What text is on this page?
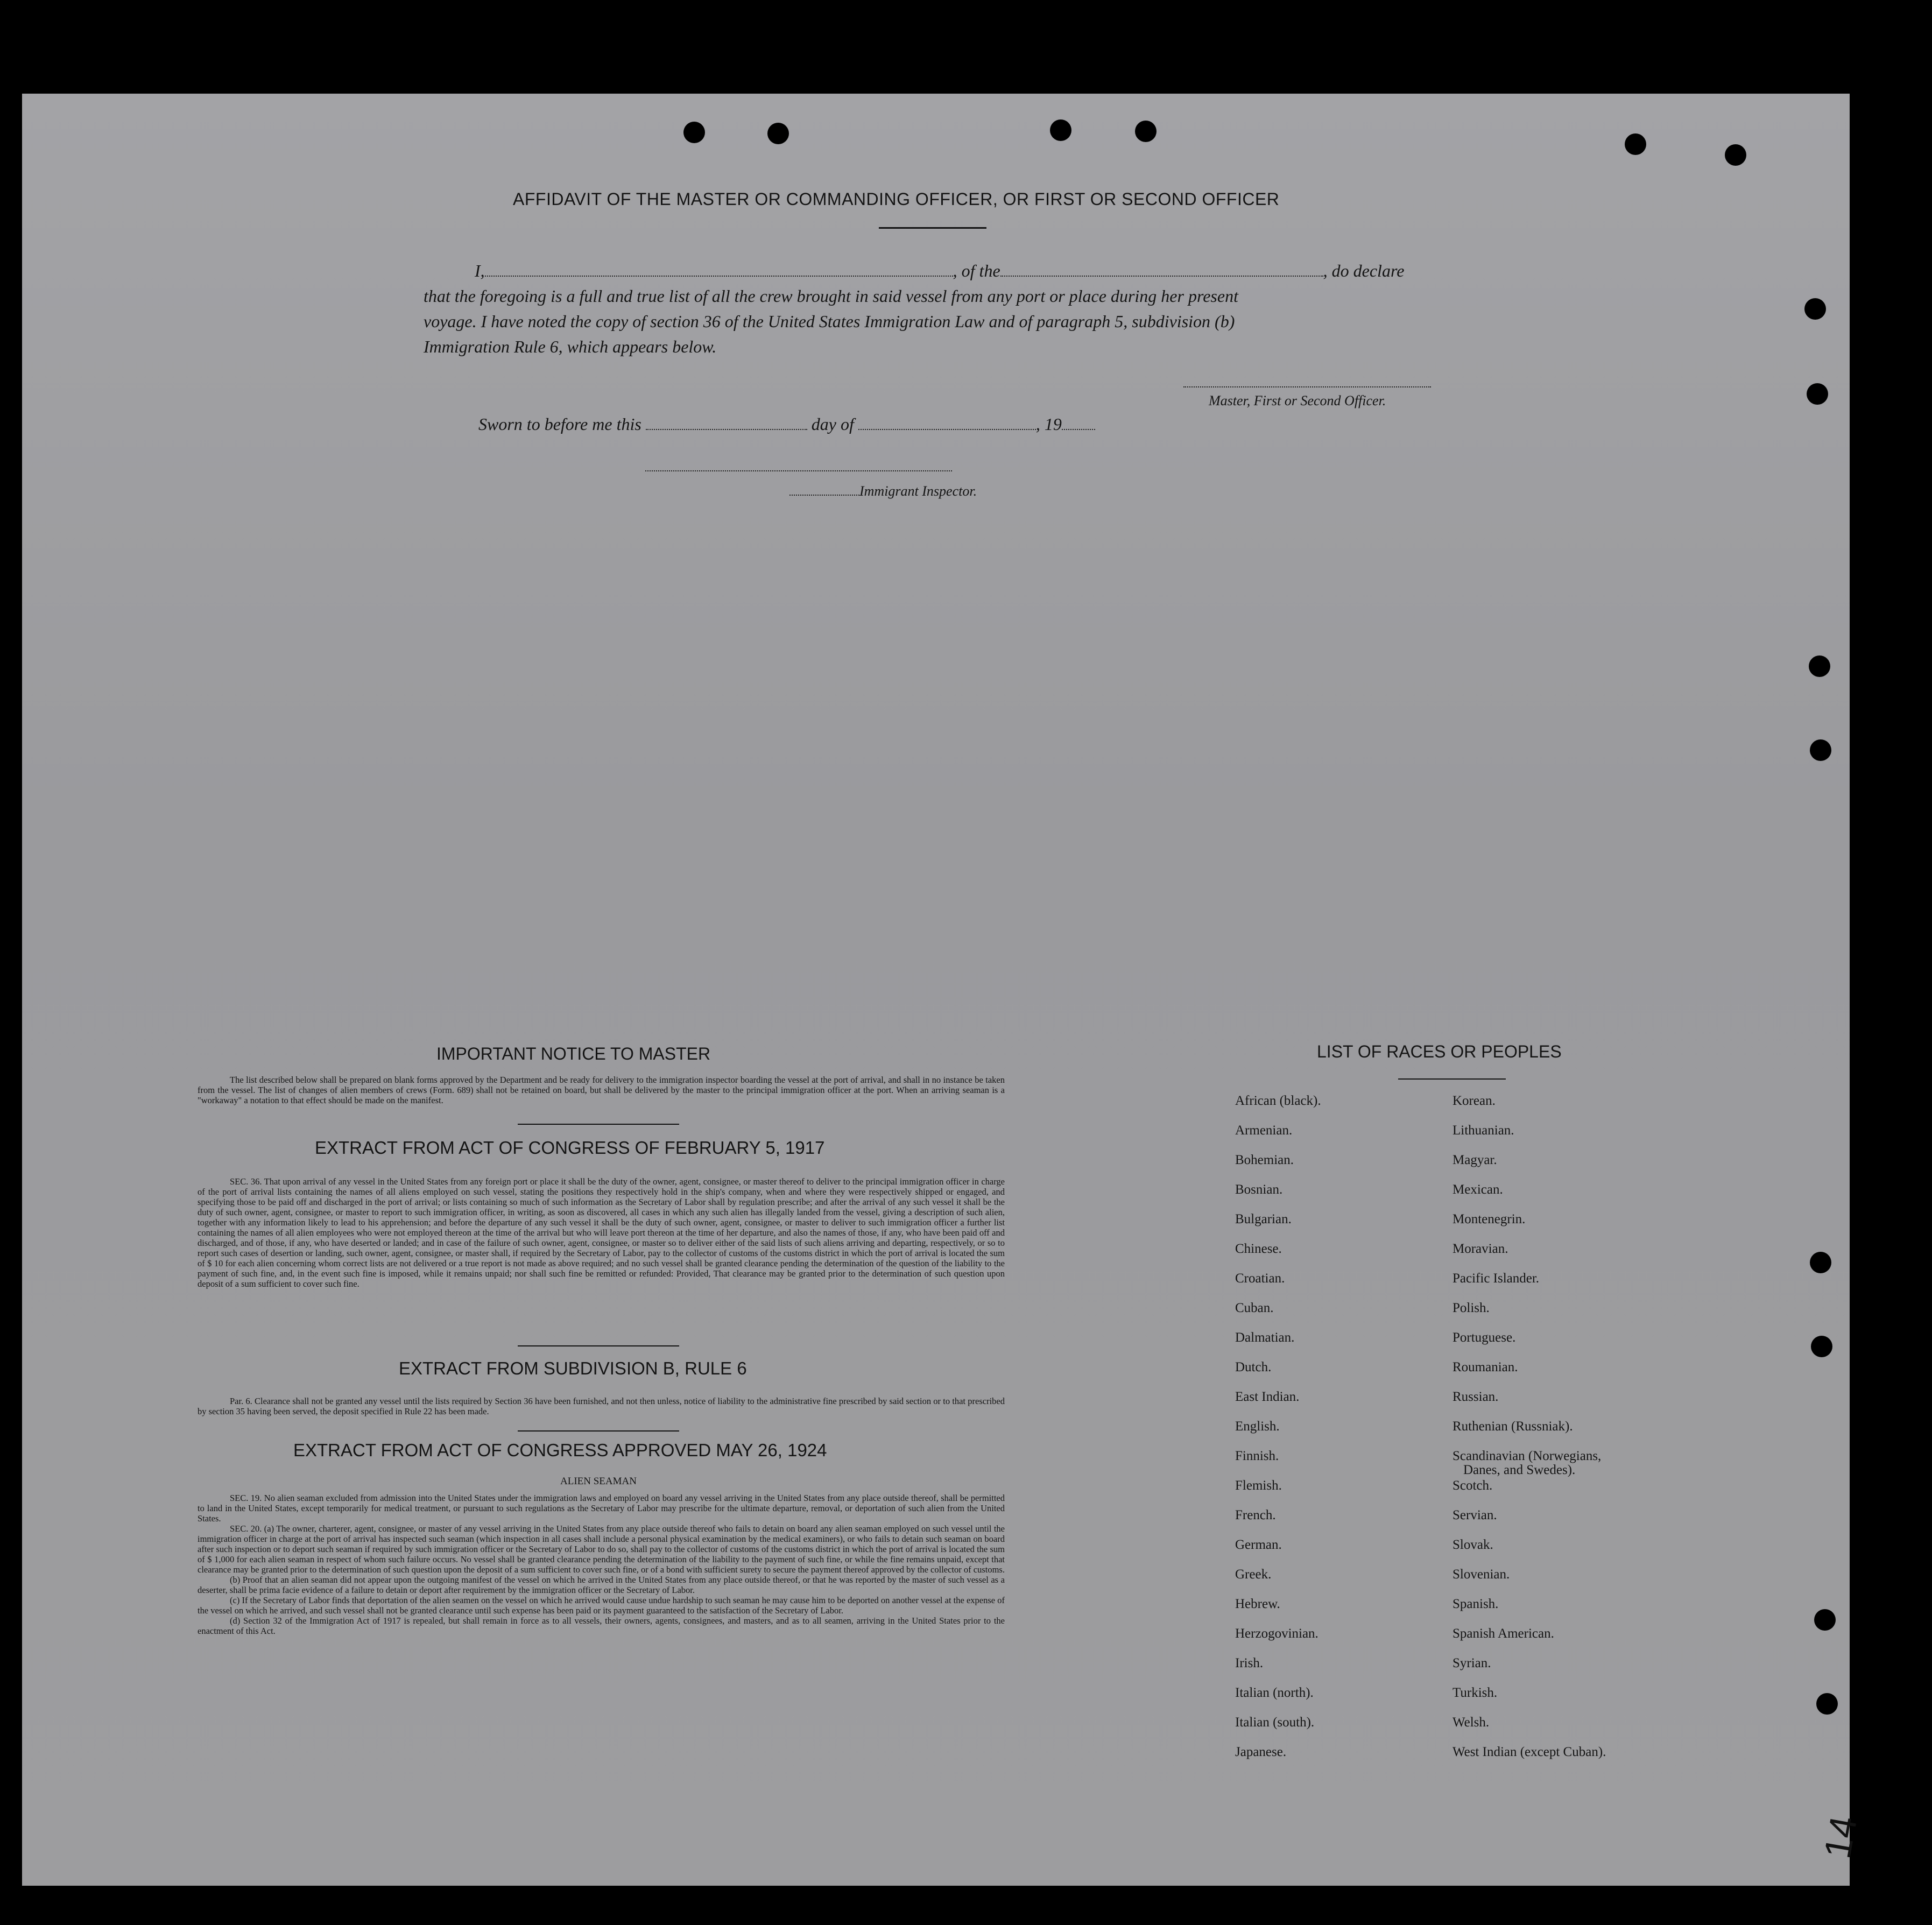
AFFIDAVIT OF THE MASTER OR COMMANDING OFFICER, OR FIRST OR SECOND OFFICER
I,	, of the	, do declare
that the foregoing is a full and true list of all the crew brought in said vessel from any port or place during her present
voyage. I have noted the copy of section 36 of the United States Immigration Law and of paragraph 5, subdivision (b)
Immigration Rule 6, which appears below.
Master, First or Second Officer.
Sworn to before me this	day of	, 19
Immigrant Inspector.
IMPORTANT NOTICE TO MASTER
The list described below shall be prepared on blank forms approved by the Department and be ready for delivery to the immigration inspector boarding the vessel at the port of arrival, and shall in no instance be taken from the vessel. The list of changes of alien members of crews (Form. 689) shall not be retained on board, but shall be delivered by the master to the principal immigration officer at the port. When an arriving seaman is a "workaway" a notation to that effect should be made on the manifest.
EXTRACT FROM ACT OF CONGRESS OF FEBRUARY 5, 1917
SEC. 36. That upon arrival of any vessel in the United States from any foreign port or place it shall be the duty of the owner, agent, consignee, or master thereof to deliver to the principal immigration officer in charge of the port of arrival lists containing the names of all aliens employed on such vessel, stating the positions they respectively hold in the ship's company, when and where they were respectively shipped or engaged, and specifying those to be paid off and discharged in the port of arrival; or lists containing so much of such information as the Secretary of Labor shall by regulation prescribe; and after the arrival of any such vessel it shall be the duty of such owner, agent, consignee, or master to report to such immigration officer, in writing, as soon as discovered, all cases in which any such alien has illegally landed from the vessel, giving a description of such alien, together with any information likely to lead to his apprehension; and before the departure of any such vessel it shall be the duty of such owner, agent, consignee, or master to deliver to such immigration officer a further list containing the names of all alien employees who were not employed thereon at the time of the arrival but who will leave port thereon at the time of her departure, and also the names of those, if any, who have been paid off and discharged, and of those, if any, who have deserted or landed; and in case of the failure of such owner, agent, consignee, or master so to deliver either of the said lists of such aliens arriving and departing, respectively, or so to report such cases of desertion or landing, such owner, agent, consignee, or master shall, if required by the Secretary of Labor, pay to the collector of customs of the customs district in which the port of arrival is located the sum of $ 10 for each alien concerning whom correct lists are not delivered or a true report is not made as above required; and no such vessel shall be granted clearance pending the determination of the question of the liability to the payment of such fine, and, in the event such fine is imposed, while it remains unpaid; nor shall such fine be remitted or refunded: Provided, That clearance may be granted prior to the determination of such question upon deposit of a sum sufficient to cover such fine.
EXTRACT FROM SUBDIVISION B, RULE 6
Par. 6. Clearance shall not be granted any vessel until the lists required by Section 36 have been furnished, and not then unless, notice of liability to the administrative fine prescribed by said section or to that prescribed by section 35 having been served, the deposit specified in Rule 22 has been made.
EXTRACT FROM ACT OF CONGRESS APPROVED MAY 26, 1924
ALIEN SEAMAN
SEC. 19. No alien seaman excluded from admission into the United States under the immigration laws and employed on board any vessel arriving in the United States from any place outside thereof, shall be permitted to land in the United States, except temporarily for medical treatment, or pursuant to such regulations as the Secretary of Labor may prescribe for the ultimate departure, removal, or deportation of such alien from the United States.
SEC. 20. (a) The owner, charterer, agent, consignee, or master of any vessel arriving in the United States from any place outside thereof who fails to detain on board any alien seaman employed on such vessel until the immigration officer in charge at the port of arrival has inspected such seaman (which inspection in all cases shall include a personal physical examination by the medical examiners), or who fails to detain such seaman on board after such inspection or to deport such seaman if required by such immigration officer or the Secretary of Labor to do so, shall pay to the collector of customs of the customs district in which the port of arrival is located the sum of $ 1,000 for each alien seaman in respect of whom such failure occurs. No vessel shall be granted clearance pending the determination of the liability to the payment of such fine, or while the fine remains unpaid, except that clearance may be granted prior to the determination of such question upon the deposit of a sum sufficient to cover such fine, or of a bond with sufficient surety to secure the payment thereof approved by the collector of customs.
(b) Proof that an alien seaman did not appear upon the outgoing manifest of the vessel on which he arrived in the United States from any place outside thereof, or that he was reported by the master of such vessel as a deserter, shall be prima facie evidence of a failure to detain or deport after requirement by the immigration officer or the Secretary of Labor.
(c) If the Secretary of Labor finds that deportation of the alien seamen on the vessel on which he arrived would cause undue hardship to such seaman he may cause him to be deported on another vessel at the expense of the vessel on which he arrived, and such vessel shall not be granted clearance until such expense has been paid or its payment guaranteed to the satisfaction of the Secretary of Labor.
(d) Section 32 of the Immigration Act of 1917 is repealed, but shall remain in force as to all vessels, their owners, agents, consignees, and masters, and as to all seamen, arriving in the United States prior to the enactment of this Act.
LIST OF RACES OR PEOPLES
African (black).
Armenian.
Bohemian.
Bosnian.
Bulgarian.
Chinese.
Croatian.
Cuban.
Dalmatian.
Dutch.
East Indian.
English.
Finnish.
Flemish.
French.
German.
Greek.
Hebrew.
Herzogovinian.
Irish.
Italian (north).
Italian (south).
Japanese.
Korean.
Lithuanian.
Magyar.
Mexican.
Montenegrin.
Moravian.
Pacific Islander.
Polish.
Portuguese.
Roumanian.
Russian.
Ruthenian (Russniak).
Scandinavian (Norwegians,
Danes, and Swedes).
Scotch.
Servian.
Slovak.
Slovenian.
Spanish.
Spanish American.
Syrian.
Turkish.
Welsh.
West Indian (except Cuban).
14
